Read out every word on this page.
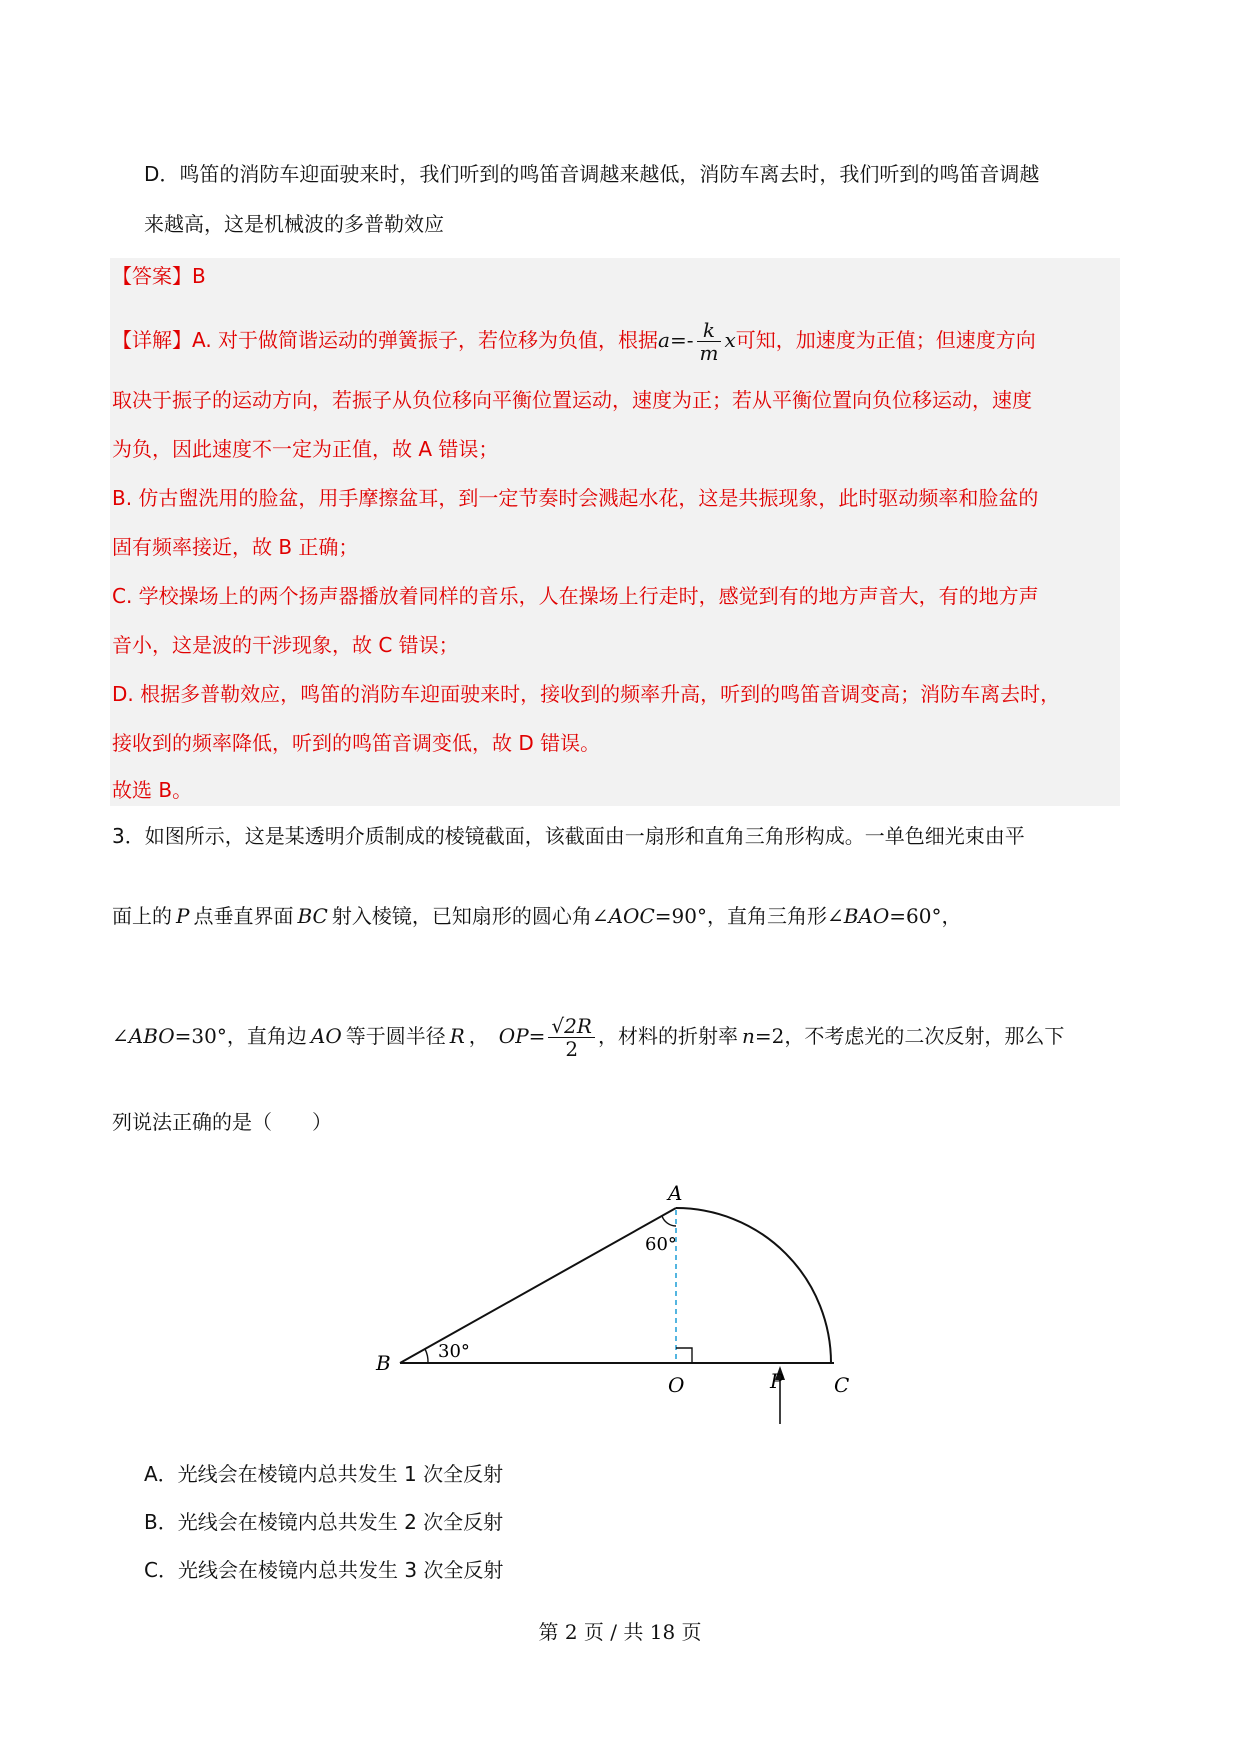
D．鸣笛的消防车迎面驶来时，我们听到的鸣笛音调越来越低，消防车离去时，我们听到的鸣笛音调越
来越高，这是机械波的多普勒效应
【答案】B
【详解】A. 对于做简谐运动的弹簧振子，若位移为负值，根据$a=- \frac{k}{m}$ x可知，加速度为正值；但速度方向
取决于振子的运动方向，若振子从负位移向平衡位置运动，速度为正；若从平衡位置向负位移运动，速度
为负，因此速度不一定为正值，故 A 错误；
B. 仿古盥洗用的脸盆，用手摩擦盆耳，到一定节奏时会溅起水花，这是共振现象，此时驱动频率和脸盆的
固有频率接近，故 B 正确；
C. 学校操场上的两个扬声器播放着同样的音乐，人在操场上行走时，感觉到有的地方声音大，有的地方声
音小，这是波的干涉现象，故 C 错误；
D. 根据多普勒效应，鸣笛的消防车迎面驶来时，接收到的频率升高，听到的鸣笛音调变高；消防车离去时，
接收到的频率降低，听到的鸣笛音调变低，故 D 错误。
故选 B。
3．如图所示，这是某透明介质制成的棱镜截面，该截面由一扇形和直角三角形构成。一单色细光束由平
面上的 P 点垂直界面 BC 射入棱镜，已知扇形的圆心角∠AOC=90°，直角三角形∠BAO=60°，
∠ABO=30°，直角边 AO 等于圆半径 R ， $OP= \frac{√2R}{2}$ ，材料的折射率 n=2，不考虑光的二次反射，那么下
列说法正确的是（　　）
A
B
O	P	C
60°
30°
A．光线会在棱镜内总共发生 1 次全反射
B．光线会在棱镜内总共发生 2 次全反射
C．光线会在棱镜内总共发生 3 次全反射
第 2 页 / 共 18 页
